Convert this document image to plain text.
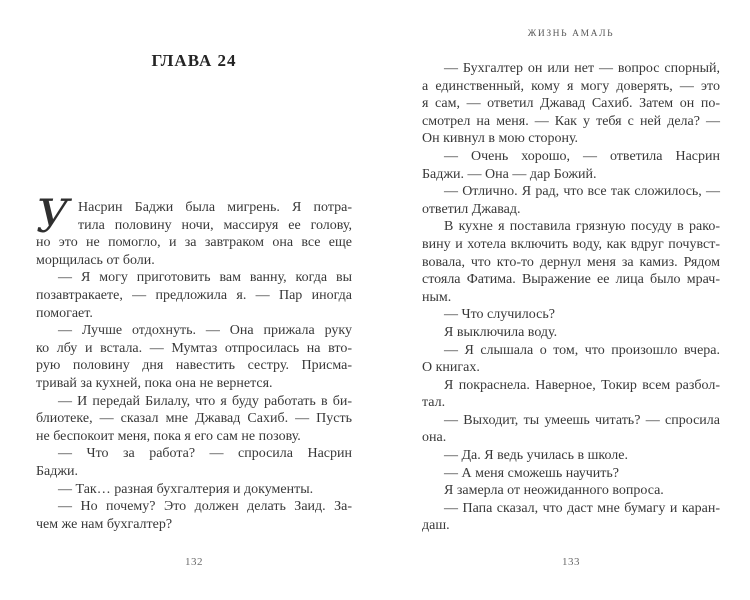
ГЛАВА 24
У Насрин Баджи была мигрень. Я потра-
тила половину ночи, массируя ее голову,
но это не помогло, и за завтраком она все еще
морщилась от боли.
— Я могу приготовить вам ванну, когда вы
позавтракаете, — предложила я. — Пар иногда
помогает.
— Лучше отдохнуть. — Она прижала руку
ко лбу и встала. — Мумтаз отпросилась на вто-
рую половину дня навестить сестру. Присма-
тривай за кухней, пока она не вернется.
— И передай Билалу, что я буду работать в би-
блиотеке, — сказал мне Джавад Сахиб. — Пусть
не беспокоит меня, пока я его сам не позову.
— Что за работа? — спросила Насрин
Баджи.
— Так… разная бухгалтерия и документы.
— Но почему? Это должен делать Заид. За-
чем же нам бухгалтер?
132
ЖИЗНЬ АМАЛЬ
— Бухгалтер он или нет — вопрос спорный,
а единственный, кому я могу доверять, — это
я сам, — ответил Джавад Сахиб. Затем он по-
смотрел на меня. — Как у тебя с ней дела? —
Он кивнул в мою сторону.
— Очень хорошо, — ответила Насрин
Баджи. — Она — дар Божий.
— Отлично. Я рад, что все так сложилось, —
ответил Джавад.
В кухне я поставила грязную посуду в рако-
вину и хотела включить воду, как вдруг почувст-
вовала, что кто-то дернул меня за камиз. Рядом
стояла Фатима. Выражение ее лица было мрач-
ным.
— Что случилось?
Я выключила воду.
— Я слышала о том, что произошло вчера.
О книгах.
Я покраснела. Наверное, Токир всем разбол-
тал.
— Выходит, ты умеешь читать? — спросила
она.
— Да. Я ведь училась в школе.
— А меня сможешь научить?
Я замерла от неожиданного вопроса.
— Папа сказал, что даст мне бумагу и каран-
даш.
133
